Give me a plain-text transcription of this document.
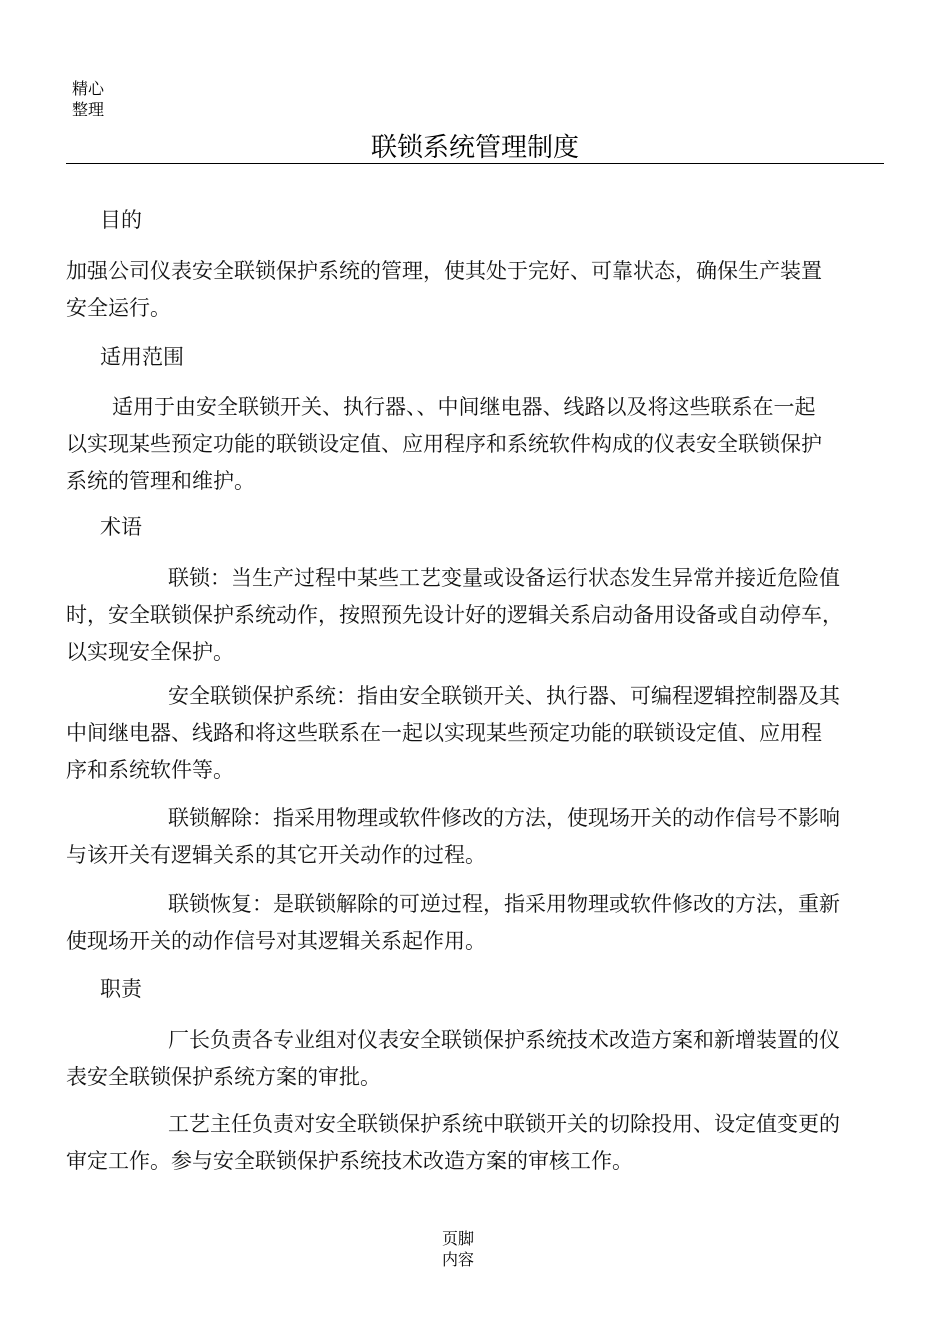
精心
整理
联锁系统管理制度
目的
加强公司仪表安全联锁保护系统的管理，使其处于完好、可靠状态，确保生产装置
安全运行。
适用范围
适用于由安全联锁开关、执行器、、中间继电器、线路以及将这些联系在一起
以实现某些预定功能的联锁设定值、应用程序和系统软件构成的仪表安全联锁保护
系统的管理和维护。
术语
联锁：当生产过程中某些工艺变量或设备运行状态发生异常并接近危险值
时，安全联锁保护系统动作，按照预先设计好的逻辑关系启动备用设备或自动停车，
以实现安全保护。
安全联锁保护系统：指由安全联锁开关、执行器、可编程逻辑控制器及其
中间继电器、线路和将这些联系在一起以实现某些预定功能的联锁设定值、应用程
序和系统软件等。
联锁解除：指采用物理或软件修改的方法，使现场开关的动作信号不影响
与该开关有逻辑关系的其它开关动作的过程。
联锁恢复：是联锁解除的可逆过程，指采用物理或软件修改的方法，重新
使现场开关的动作信号对其逻辑关系起作用。
职责
厂长负责各专业组对仪表安全联锁保护系统技术改造方案和新增装置的仪
表安全联锁保护系统方案的审批。
工艺主任负责对安全联锁保护系统中联锁开关的切除投用、设定值变更的
审定工作。参与安全联锁保护系统技术改造方案的审核工作。
页脚
内容
